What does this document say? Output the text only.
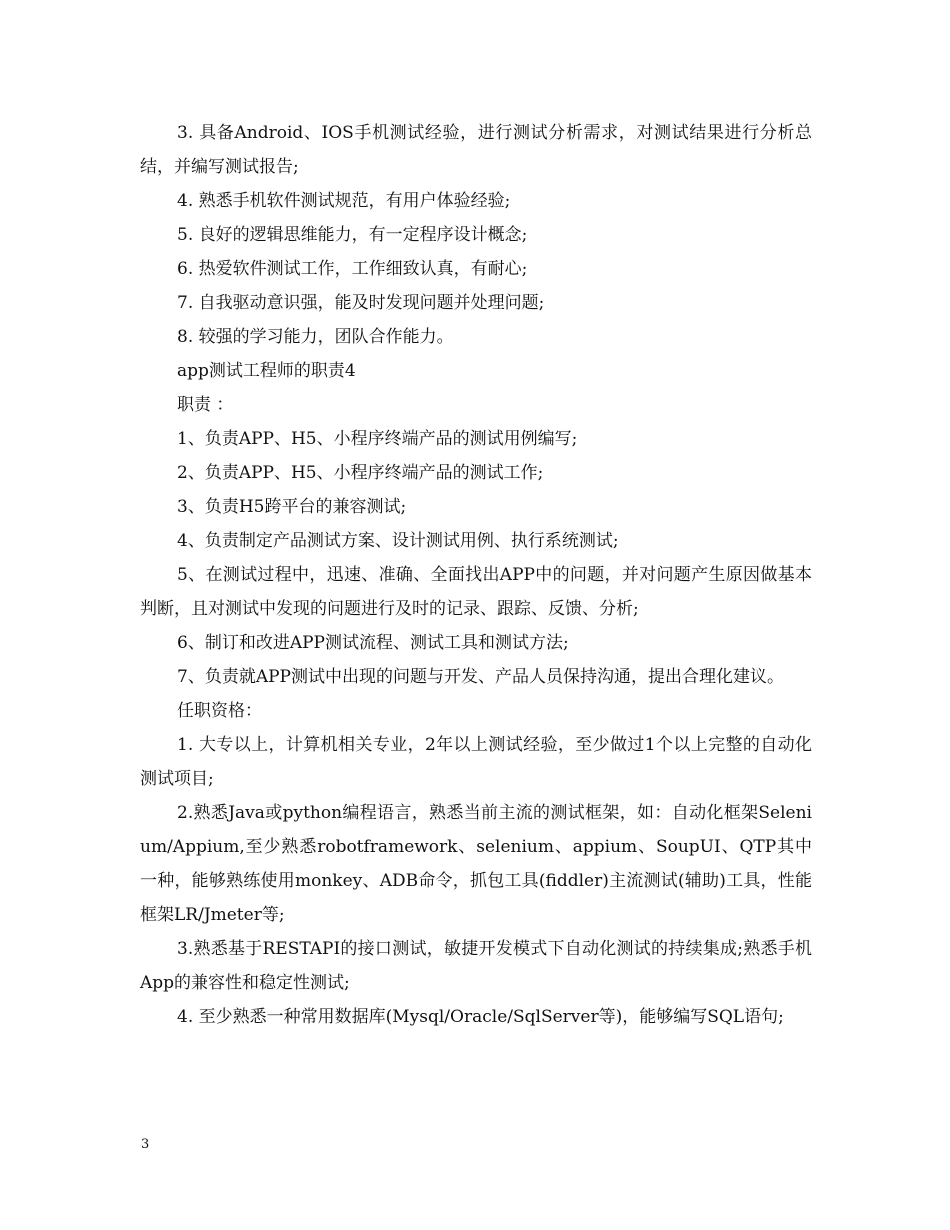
3. 具备Android、IOS手机测试经验，进行测试分析需求，对测试结果进行分析总结，并编写测试报告;

4. 熟悉手机软件测试规范，有用户体验经验;

5. 良好的逻辑思维能力，有一定程序设计概念;

6. 热爱软件测试工作，工作细致认真，有耐心;

7. 自我驱动意识强，能及时发现问题并处理问题;

8. 较强的学习能力，团队合作能力。

app测试工程师的职责4

职责 ：

1、负责APP、H5、小程序终端产品的测试用例编写;

2、负责APP、H5、小程序终端产品的测试工作;

3、负责H5跨平台的兼容测试;

4、负责制定产品测试方案、设计测试用例、执行系统测试;

5、在测试过程中，迅速、准确、全面找出APP中的问题，并对问题产生原因做基本判断，且对测试中发现的问题进行及时的记录、跟踪、反馈、分析;

6、制订和改进APP测试流程、测试工具和测试方法;

7、负责就APP测试中出现的问题与开发、产品人员保持沟通，提出合理化建议。

任职资格：

1. 大专以上，计算机相关专业，2年以上测试经验，至少做过1个以上完整的自动化测试项目;

2.熟悉Java或python编程语言，熟悉当前主流的测试框架，如：自动化框架Selenium/Appium,至少熟悉robotframework、selenium、appium、SoupUI、QTP其中一种，能够熟练使用monkey、ADB命令，抓包工具(fiddler)主流测试(辅助)工具，性能框架LR/Jmeter等;

3.熟悉基于RESTAPI的接口测试，敏捷开发模式下自动化测试的持续集成;熟悉手机App的兼容性和稳定性测试;

4. 至少熟悉一种常用数据库(Mysql/Oracle/SqlServer等)，能够编写SQL语句;

3
